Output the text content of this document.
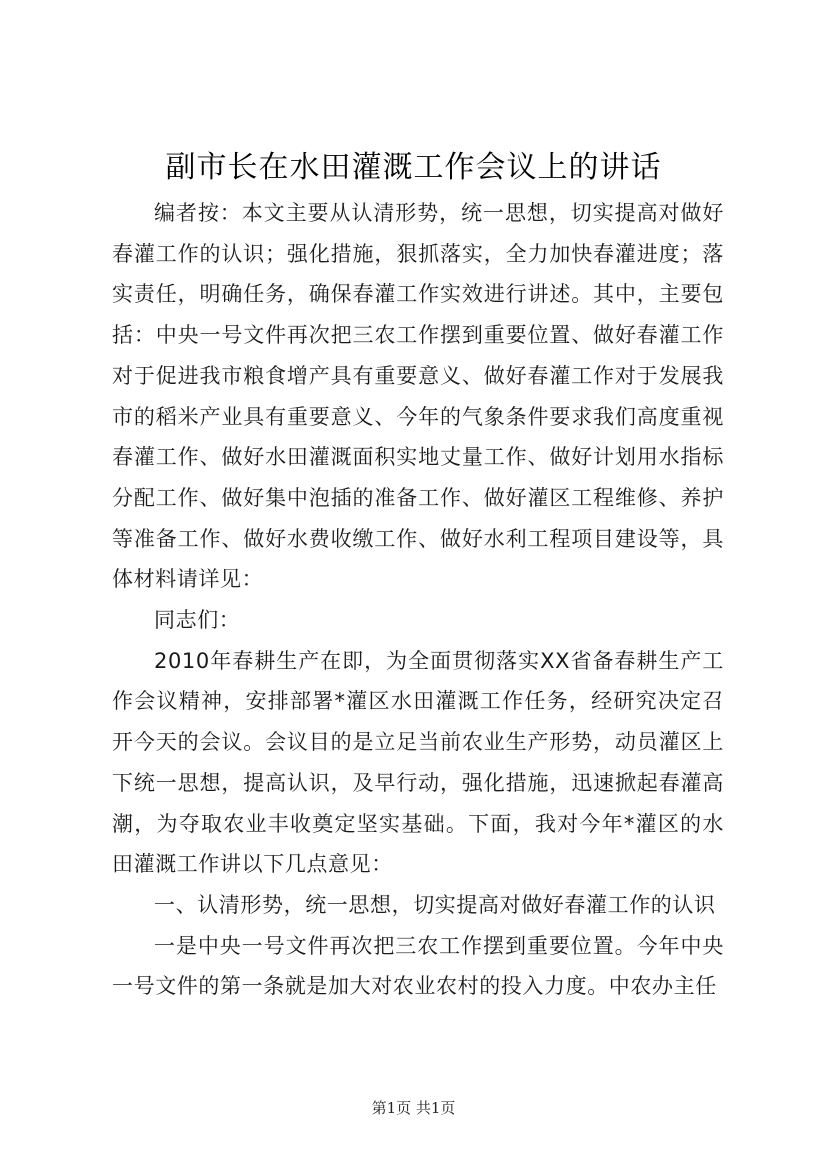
副市长在水田灌溉工作会议上的讲话

编者按：本文主要从认清形势，统一思想，切实提高对做好春灌工作的认识；强化措施，狠抓落实，全力加快春灌进度；落实责任，明确任务，确保春灌工作实效进行讲述。其中，主要包括：中央一号文件再次把三农工作摆到重要位置、做好春灌工作对于促进我市粮食增产具有重要意义、做好春灌工作对于发展我市的稻米产业具有重要意义、今年的气象条件要求我们高度重视春灌工作、做好水田灌溉面积实地丈量工作、做好计划用水指标分配工作、做好集中泡插的准备工作、做好灌区工程维修、养护等准备工作、做好水费收缴工作、做好水利工程项目建设等，具体材料请详见：

同志们：

2010年春耕生产在即，为全面贯彻落实XX省备春耕生产工作会议精神，安排部署*灌区水田灌溉工作任务，经研究决定召开今天的会议。会议目的是立足当前农业生产形势，动员灌区上下统一思想，提高认识，及早行动，强化措施，迅速掀起春灌高潮，为夺取农业丰收奠定坚实基础。下面，我对今年*灌区的水田灌溉工作讲以下几点意见：

一、认清形势，统一思想，切实提高对做好春灌工作的认识

一是中央一号文件再次把三农工作摆到重要位置。今年中央一号文件的第一条就是加大对农业农村的投入力度。中农办主任

第1页 共1页
